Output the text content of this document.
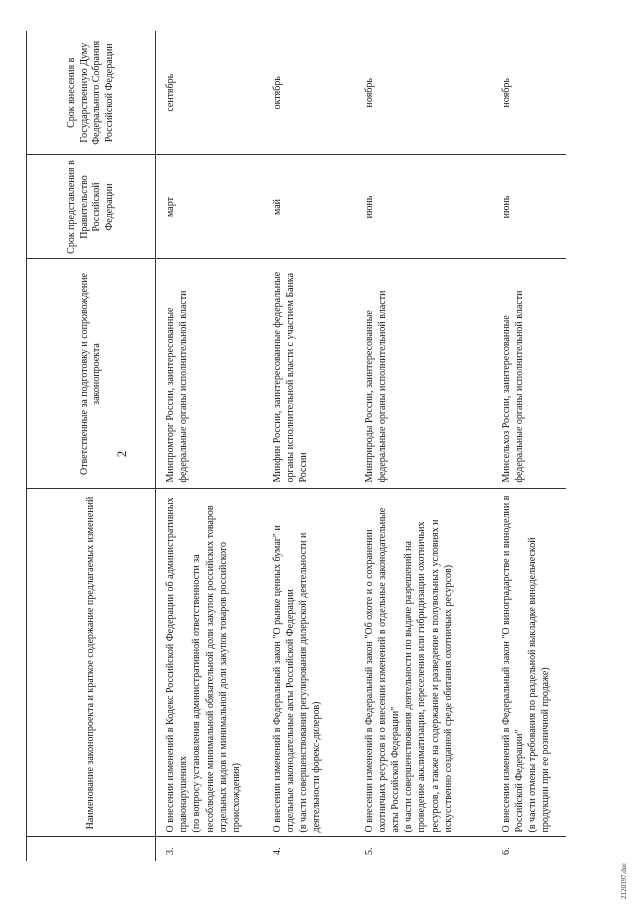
2
	Наименование законопроекта и краткое содержание предлагаемых изменений	Ответственные за подготовку и сопровождение законопроекта	Срок представления в Правительство Российской Федерации	Срок внесения в Государственную Думу Федерального Собрания Российской Федерации

3.	О внесении изменений в Кодекс Российской Федерации об административных правонарушениях (по вопросу установления административной ответственности за несоблюдение минимальной обязательной доли закупок российских товаров отдельных видов и минимальной доли закупок товаров российского происхождения)	Минпромторг России, заинтересованные федеральные органы исполнительной власти	март	сентябрь

4.	О внесении изменений в Федеральный закон "О рынке ценных бумаг" и отдельные законодательные акты Российской Федерации (в части совершенствования регулирования дилерской деятельности и деятельности форекс-дилеров)	Минфин России, заинтересованные федеральные органы исполнительной власти с участием Банка России	май	октябрь

5.	О внесении изменений в Федеральный закон "Об охоте и о сохранении охотничьих ресурсов и о внесении изменений в отдельные законодательные акты Российской Федерации" (в части совершенствования деятельности по выдаче разрешений на проведение акклиматизации, переселения или гибридизации охотничьих ресурсов, а также на содержание и разведение в полувольных условиях и искусственно созданной среде обитания охотничьих ресурсов)	Минприроды России, заинтересованные федеральные органы исполнительной власти	июнь	ноябрь

6.	О внесении изменений в Федеральный закон "О виноградарстве и виноделии в Российской Федерации" (в части отмены требования по раздельной выкладке винодельческой продукции при ее розничной продаже)	Минсельхоз России, заинтересованные федеральные органы исполнительной власти	июнь	ноябрь
2120397.doc
